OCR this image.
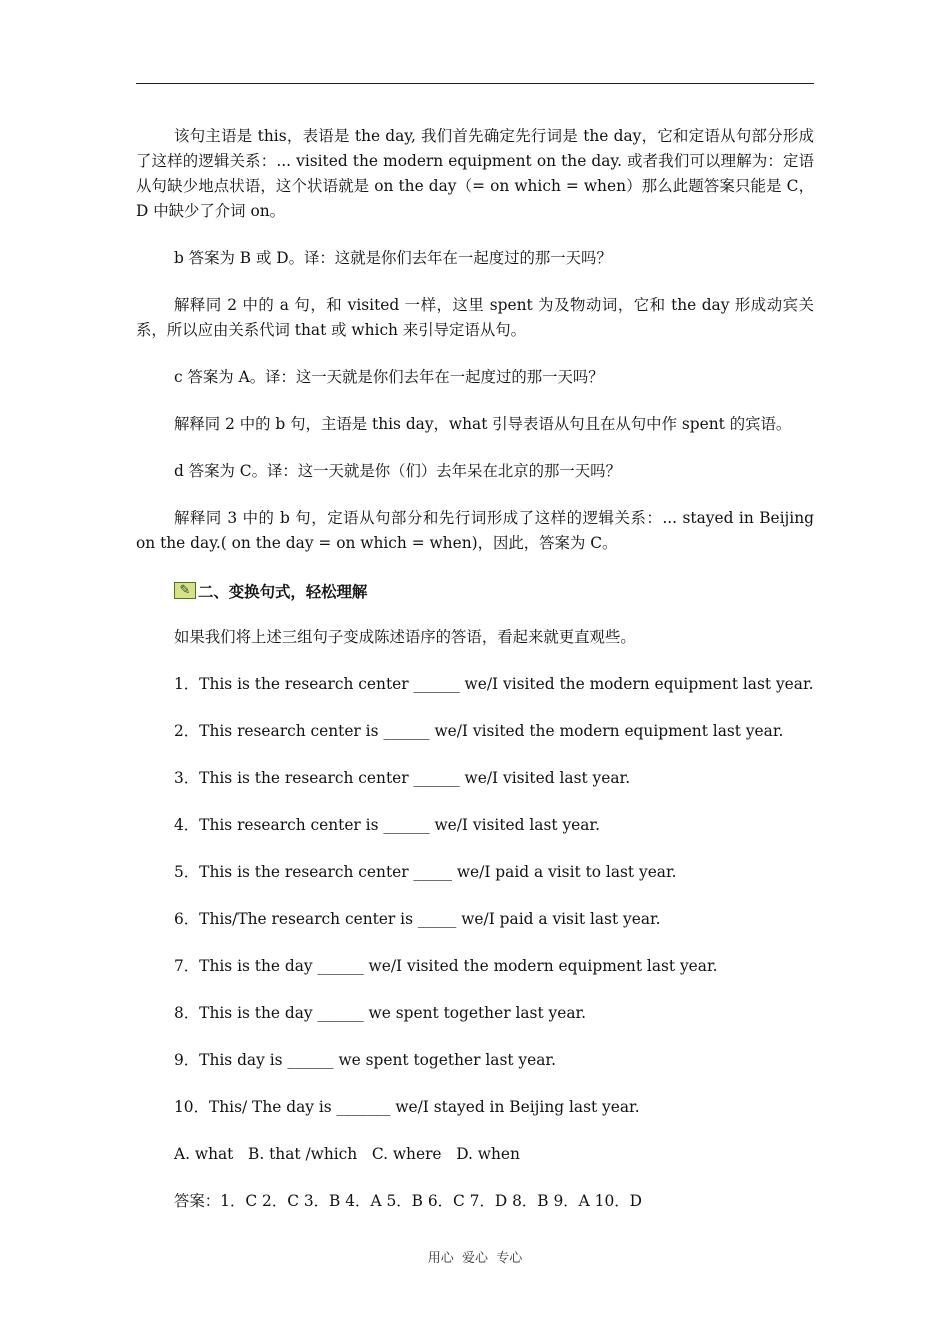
该句主语是 this，表语是 the day, 我们首先确定先行词是 the day，它和定语从句部分形成了这样的逻辑关系：... visited the modern equipment on the day. 或者我们可以理解为：定语从句缺少地点状语，这个状语就是 on the day（= on which = when）那么此题答案只能是 C，D 中缺少了介词 on。

b 答案为 B 或 D。译：这就是你们去年在一起度过的那一天吗？

解释同 2 中的 a 句，和 visited 一样，这里 spent 为及物动词，它和 the day 形成动宾关系，所以应由关系代词 that 或 which 来引导定语从句。

c 答案为 A。译：这一天就是你们去年在一起度过的那一天吗？

解释同 2 中的 b 句，主语是 this day，what 引导表语从句且在从句中作 spent 的宾语。

d 答案为 C。译：这一天就是你（们）去年呆在北京的那一天吗？

解释同 3 中的 b 句，定语从句部分和先行词形成了这样的逻辑关系：... stayed in Beijing on the day.( on the day = on which = when)，因此，答案为 C。

✎ 二、变换句式，轻松理解

如果我们将上述三组句子变成陈述语序的答语，看起来就更直观些。

1．This is the research center ______ we/I visited the modern equipment last year.
2．This research center is ______ we/I visited the modern equipment last year.
3．This is the research center ______ we/I visited last year.
4．This research center is ______ we/I visited last year.
5．This is the research center _____ we/I paid a visit to last year.
6．This/The research center is _____ we/I paid a visit last year.
7．This is the day ______ we/I visited the modern equipment last year.
8．This is the day ______ we spent together last year.
9．This day is ______ we spent together last year.
10．This/ The day is _______ we/I stayed in Beijing last year.
A. what   B. that /which   C. where   D. when
答案：1．C 2．C 3．B 4．A 5．B 6．C 7．D 8．B 9．A 10．D
用心  爱心  专心
